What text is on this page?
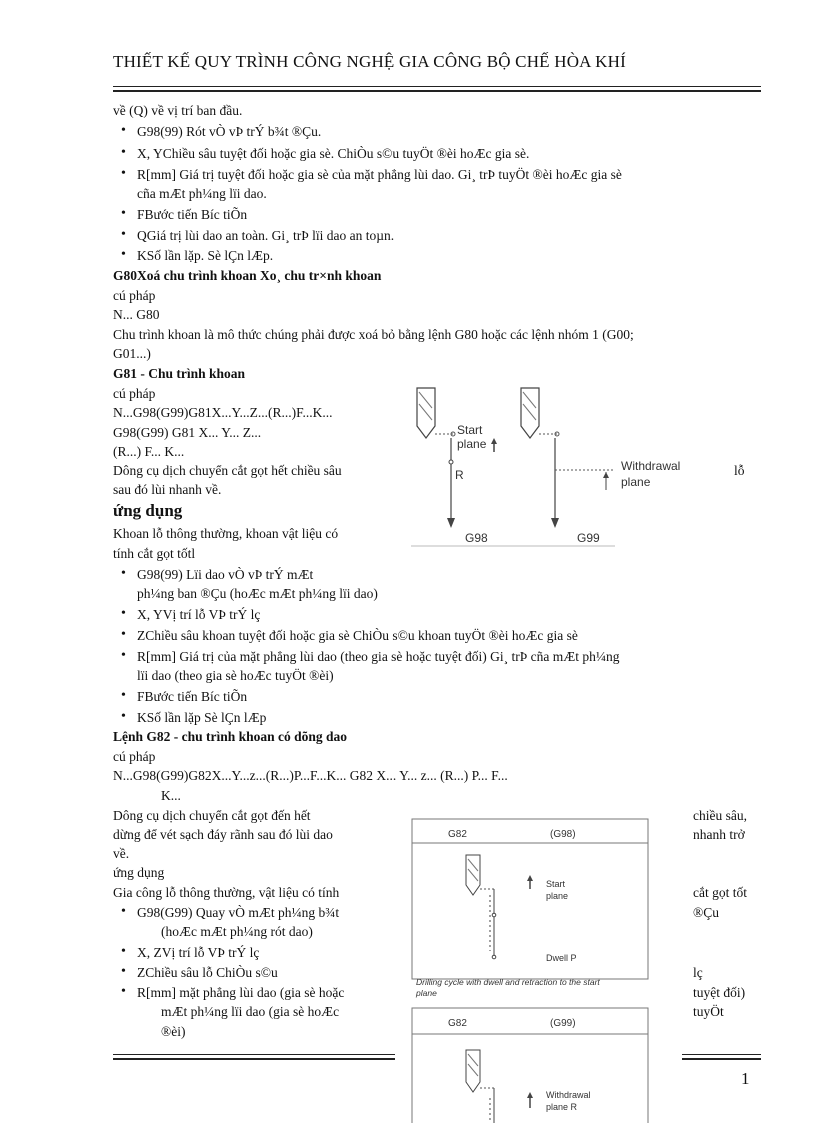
THIẾT KẾ QUY TRÌNH CÔNG NGHỆ GIA CÔNG BỘ CHẾ HÒA KHÍ
về (Q) về vị trí ban đầu.
• G98(99) Rót vÒ vÞ trÝ b¾t ®Çu.
• X, YChiều sâu tuyệt đối hoặc gia sè. ChiÒu s©u tuyÖt ®èi hoÆc gia sè.
• R[mm] Giá trị tuyệt đối hoặc gia sè của mặt phẳng lùi dao. Gi¸ trÞ tuyÖt ®èi hoÆc gia sè
cña mÆt ph¼ng lïi dao.
• FBước tiến Bíc tiÕn
• QGiá trị lùi dao an toàn. Gi¸ trÞ lïi dao an toµn.
• KSố lần lặp. Sè lÇn lÆp.
G80Xoá chu trình khoan Xo¸ chu tr×nh khoan
cú pháp
N... G80
Chu trình khoan là mô thức chúng phải được xoá bỏ bằng lệnh G80 hoặc các lệnh nhóm 1 (G00;
G01...)
G81 - Chu trình khoan
cú pháp
N...G98(G99)G81X...Y...Z...(R...)F...K...
G98(G99) G81 X... Y... Z...
(R...) F... K...
Dông cụ dịch chuyển cắt gọt hết chiều sâu	lỗ
sau đó lùi nhanh về.
ứng dụng
Khoan lỗ thông thường, khoan vật liệu có
tính cắt gọt tốtl
• G98(99) Lïi dao vÒ vÞ trÝ mÆt
ph¼ng ban ®Çu (hoÆc mÆt ph¼ng lïi dao)
• X, YVị trí lỗ VÞ trÝ lç
• ZChiều sâu khoan tuyệt đối hoặc gia sè ChiÒu s©u khoan tuyÖt ®èi hoÆc gia sè
• R[mm] Giá trị của mặt phẳng lùi dao (theo gia sè hoặc tuyệt đối) Gi¸ trÞ cña mÆt ph¼ng
lïi dao (theo gia sè hoÆc tuyÖt ®èi)
• FBước tiến Bíc tiÕn
• KSố lần lặp Sè lÇn lÆp
Lệnh G82 - chu trình khoan có dõng dao
cú pháp
N...G98(G99)G82X...Y...z...(R...)P...F...K... G82 X... Y... z... (R...) P... F...
K...
Dông cụ dịch chuyển cắt gọt đến hết	chiều sâu,
dừng để vét sạch đáy rãnh sau đó lùi dao	nhanh trở
về.
ứng dụng
Gia công lỗ thông thường, vật liệu có tính	cắt gọt tốt
• G98(G99) Quay vÒ mÆt ph¼ng b¾t	®Çu
(hoÆc mÆt ph¼ng rót dao)
• X, ZVị trí lỗ VÞ trÝ lç
• ZChiều sâu lỗ ChiÒu s©u	lç
• R[mm] mặt phẳng lùi dao (gia sè hoặc	tuyệt đối)
mÆt ph¼ng lïi dao (gia sè hoÆc	tuyÖt
®èi)
Start plane
R
Withdrawal plane
G98	G99
G82	(G98)
Start plane
Dwell P
Drilling cycle with dwell and retraction to the start plane
G82	(G99)
Withdrawal plane R
1
